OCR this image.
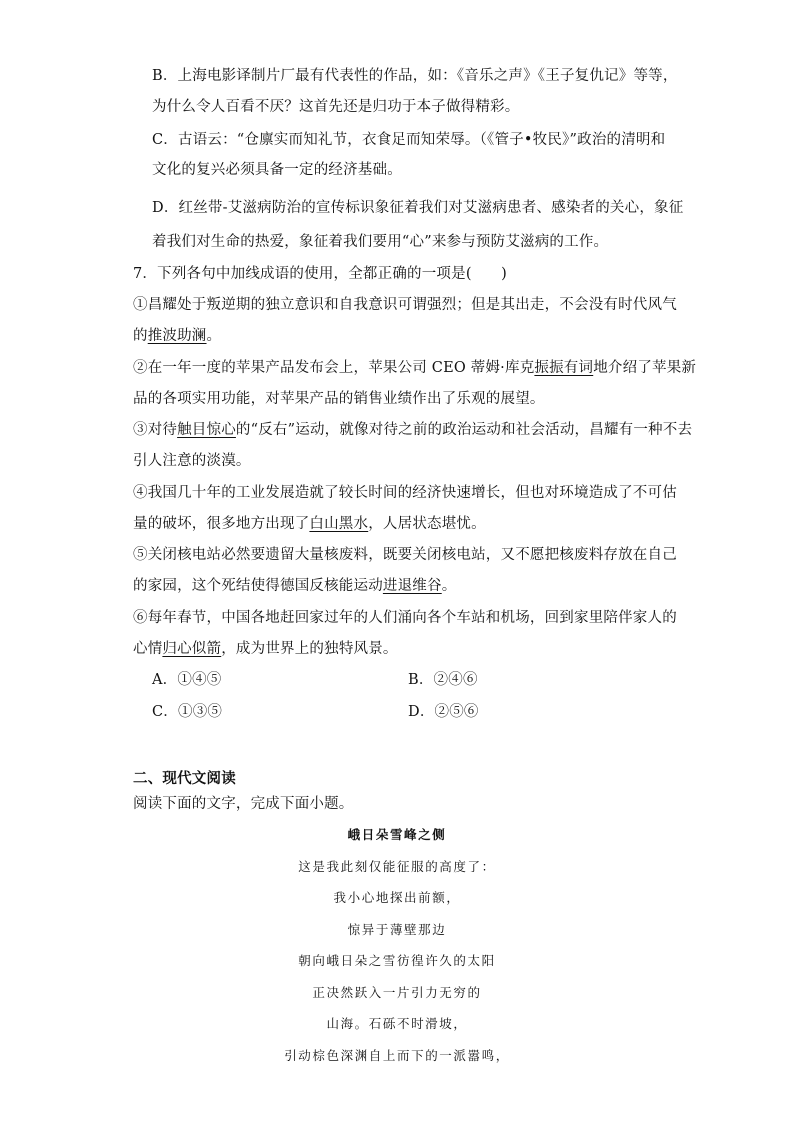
B．上海电影译制片厂最有代表性的作品，如：《音乐之声》《王子复仇记》等等，
为什么令人百看不厌？这首先还是归功于本子做得精彩。
C．古语云：“仓廪实而知礼节，衣食足而知荣辱。（《管子•牧民》”政治的清明和
文化的复兴必须具备一定的经济基础。
D．红丝带-艾滋病防治的宣传标识象征着我们对艾滋病患者、感染者的关心，象征
着我们对生命的热爱，象征着我们要用“心”来参与预防艾滋病的工作。
7．下列各句中加线成语的使用，全都正确的一项是(　　)
①昌耀处于叛逆期的独立意识和自我意识可谓强烈；但是其出走，不会没有时代风气
的推波助澜。
②在一年一度的苹果产品发布会上，苹果公司 CEO 蒂姆·库克振振有词地介绍了苹果新
品的各项实用功能，对苹果产品的销售业绩作出了乐观的展望。
③对待触目惊心的“反右”运动，就像对待之前的政治运动和社会活动，昌耀有一种不去
引人注意的淡漠。
④我国几十年的工业发展造就了较长时间的经济快速增长，但也对环境造成了不可估
量的破坏，很多地方出现了白山黑水，人居状态堪忧。
⑤关闭核电站必然要遗留大量核废料，既要关闭核电站，又不愿把核废料存放在自己
的家园，这个死结使得德国反核能运动进退维谷。
⑥每年春节，中国各地赶回家过年的人们涌向各个车站和机场，回到家里陪伴家人的
心情归心似箭，成为世界上的独特风景。
A．①④⑤	B．②④⑥
C．①③⑤	D．②⑤⑥
二、现代文阅读
阅读下面的文字，完成下面小题。
峨日朵雪峰之侧
这是我此刻仅能征服的高度了：
我小心地探出前额，
惊异于薄壁那边
朝向峨日朵之雪彷徨许久的太阳
正决然跃入一片引力无穷的
山海。石砾不时滑坡，
引动棕色深渊自上而下的一派嚣鸣，
